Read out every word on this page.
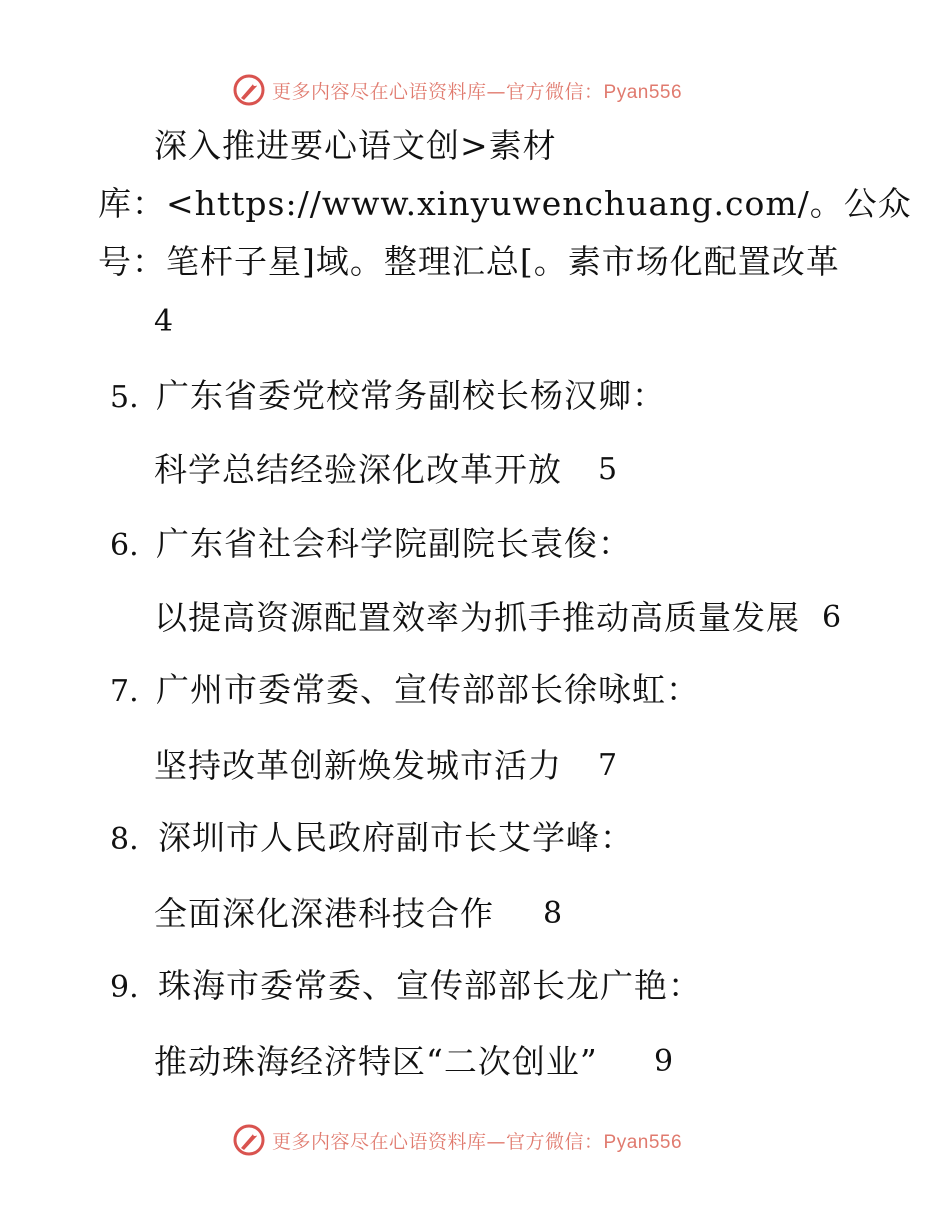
更多内容尽在心语资料库—官方微信：Pyan556
深入推进要心语文创>素材
库：<https://www.xinyuwenchuang.com/。公众
号：笔杆子星]域。整理汇总[。素市场化配置改革
4
5. 广东省委党校常务副校长杨汉卿：
科学总结经验深化改革开放 5
6. 广东省社会科学院副院长袁俊：
以提高资源配置效率为抓手推动高质量发展 6
7. 广州市委常委、宣传部部长徐咏虹：
坚持改革创新焕发城市活力 7
8. 深圳市人民政府副市长艾学峰：
全面深化深港科技合作 8
9. 珠海市委常委、宣传部部长龙广艳：
推动珠海经济特区“二次创业” 9
更多内容尽在心语资料库—官方微信：Pyan556
